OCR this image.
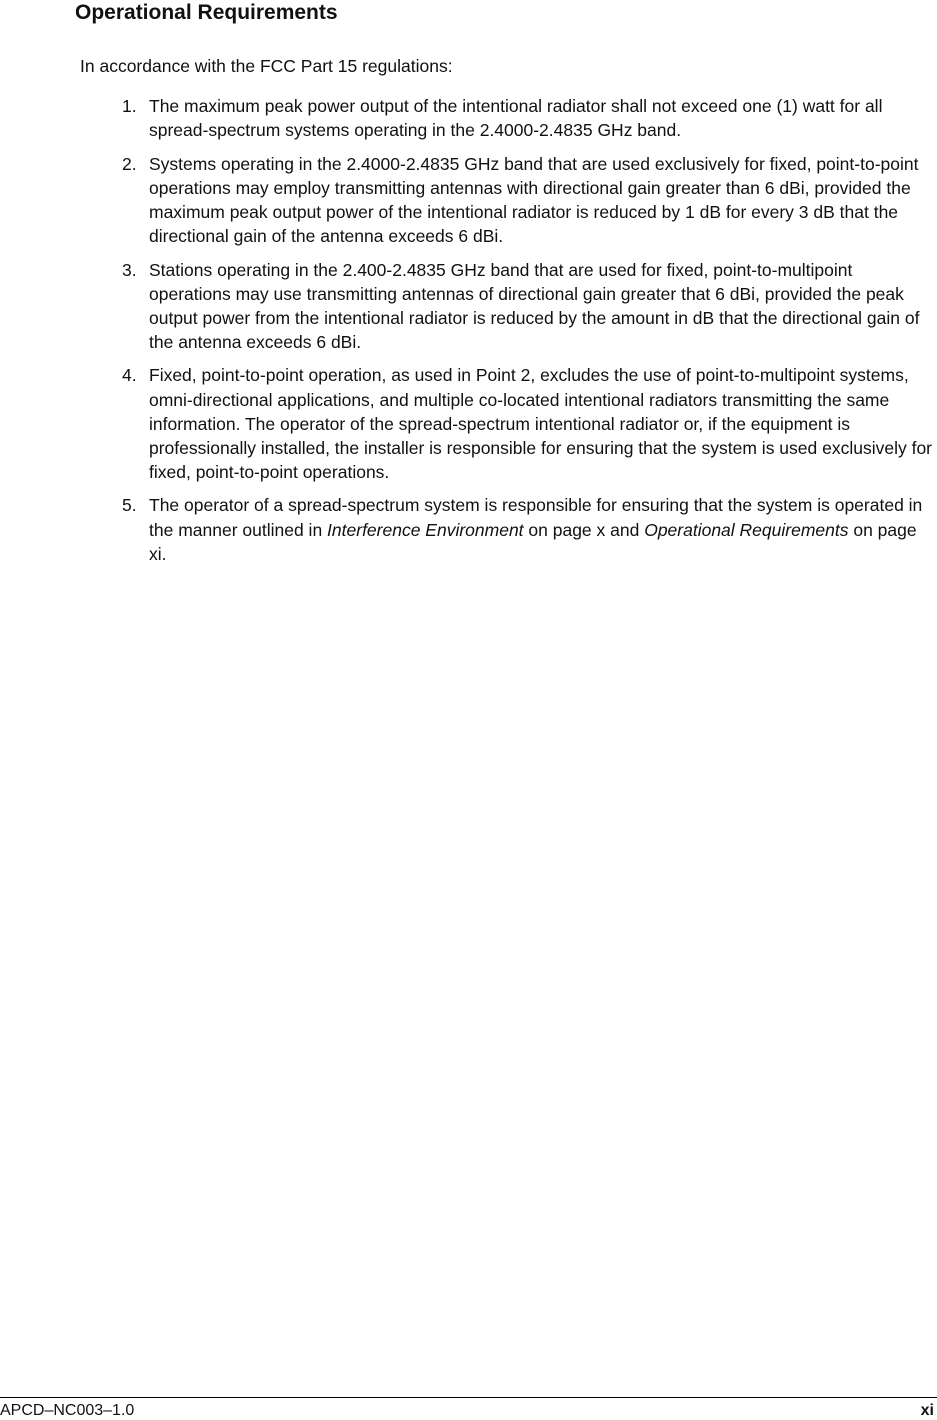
Operational Requirements

In accordance with the FCC Part 15 regulations:

1. The maximum peak power output of the intentional radiator shall not exceed one (1) watt for all spread-spectrum systems operating in the 2.4000-2.4835 GHz band.
2. Systems operating in the 2.4000-2.4835 GHz band that are used exclusively for fixed, point-to-point operations may employ transmitting antennas with directional gain greater than 6 dBi, provided the maximum peak output power of the intentional radiator is reduced by 1 dB for every 3 dB that the directional gain of the antenna exceeds 6 dBi.
3. Stations operating in the 2.400-2.4835 GHz band that are used for fixed, point-to-multipoint operations may use transmitting antennas of directional gain greater that 6 dBi, provided the peak output power from the intentional radiator is reduced by the amount in dB that the directional gain of the antenna exceeds 6 dBi.
4. Fixed, point-to-point operation, as used in Point 2, excludes the use of point-to-multipoint systems, omni-directional applications, and multiple co-located intentional radiators transmitting the same information. The operator of the spread-spectrum intentional radiator or, if the equipment is professionally installed, the installer is responsible for ensuring that the system is used exclusively for fixed, point-to-point operations.
5. The operator of a spread-spectrum system is responsible for ensuring that the system is operated in the manner outlined in Interference Environment on page x and Operational Requirements on page xi.
APCD–NC003–1.0	xi
